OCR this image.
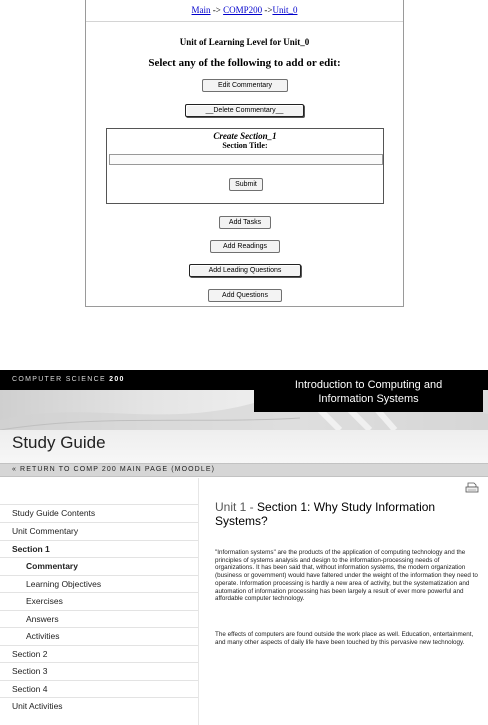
Main -> COMP200 ->Unit_0
Unit of Learning Level for Unit_0
Select any of the following to add or edit:
Edit Commentary
__Delete Commentary__
Create Section_1
Section Title:
Submit
Add Tasks
Add Readings
Add Leading Questions
Add Questions
COMPUTER SCIENCE 200	Introduction to Computing and
Information Systems
Study Guide
« RETURN TO COMP 200 MAIN PAGE (MOODLE)
Study Guide Contents
Unit Commentary
Section 1
Commentary
Learning Objectives
Exercises
Answers
Activities
Section 2
Section 3
Section 4
Unit Activities
Unit 1 - Section 1: Why Study Information Systems?
"Information systems" are the products of the application of computing technology and the principles of systems analysis and design to the information-processing needs of organizations. It has been said that, without information systems, the modern organization (business or government) would have faltered under the weight of the information they need to operate. Information processing is hardly a new area of activity, but the systematization and automation of information processing has been largely a result of ever more powerful and affordable computer technology.
The effects of computers are found outside the work place as well. Education, entertainment, and many other aspects of daily life have been touched by this pervasive new technology.
